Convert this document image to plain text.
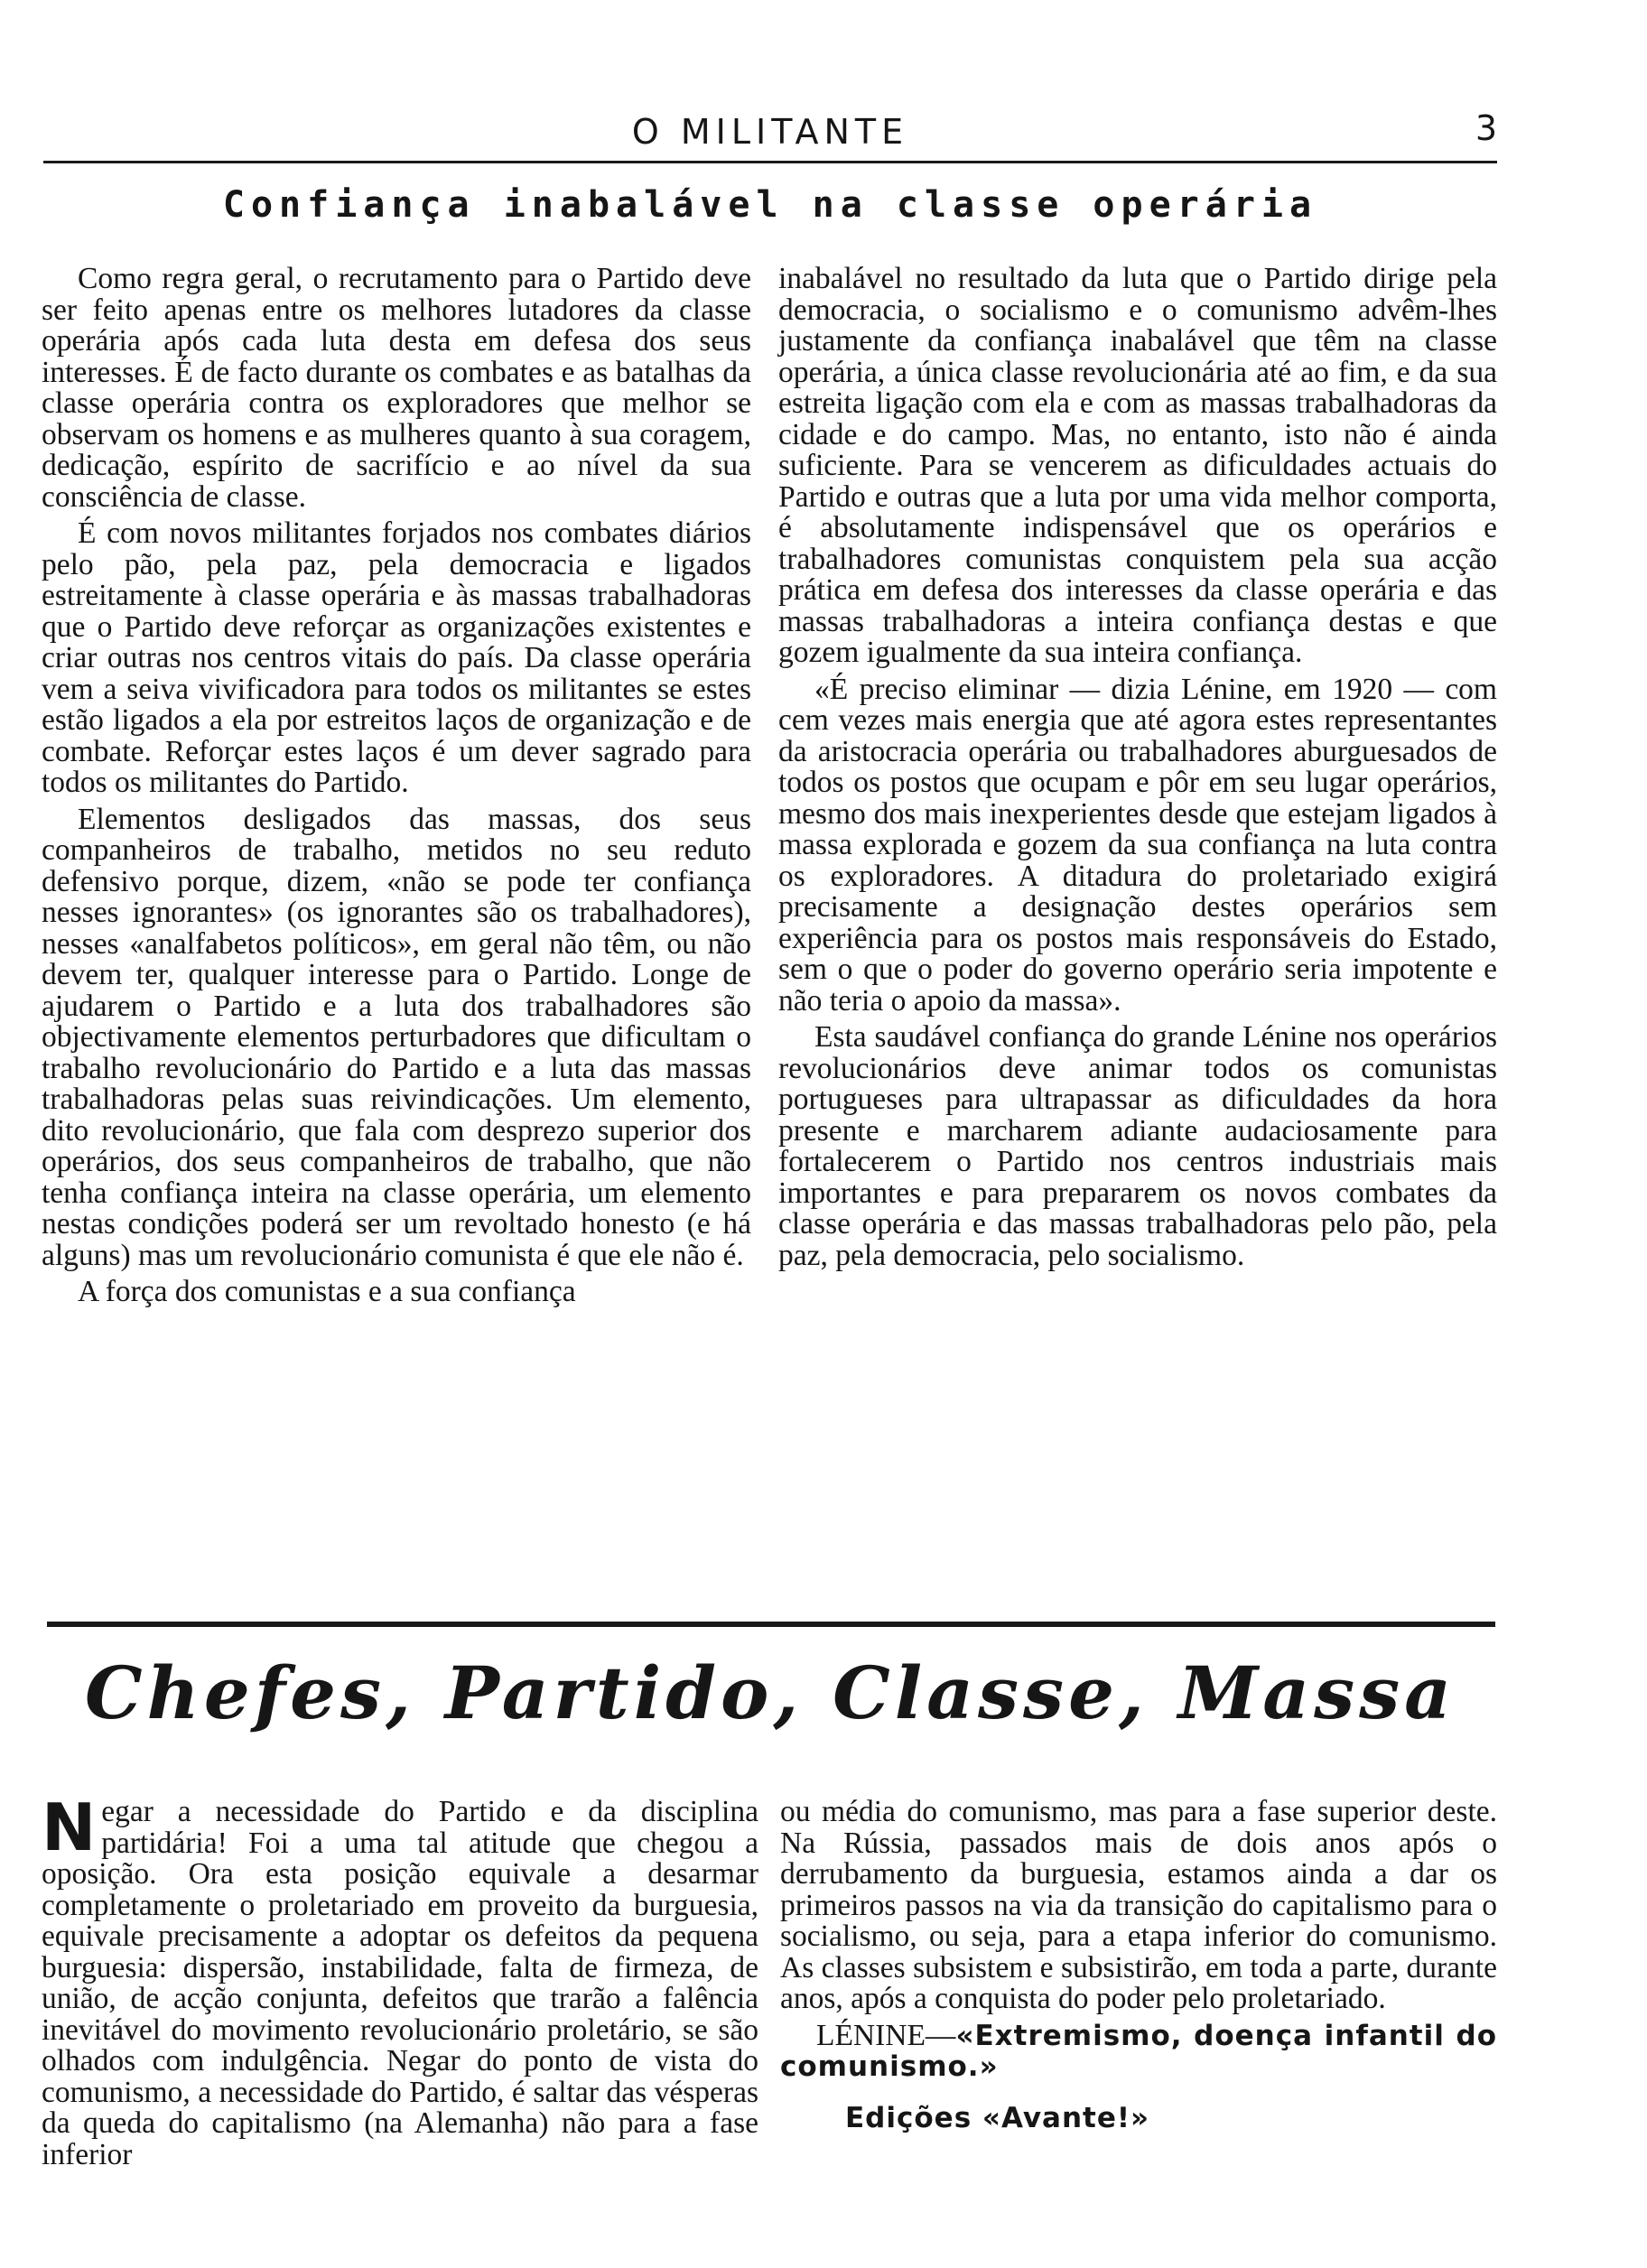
O MILITANTE	3
Confiança inabalável na classe operária

Como regra geral, o recrutamento para o Partido deve ser feito apenas entre os melhores lutadores da classe operária após cada luta desta em defesa dos seus interesses. É de facto durante os combates e as batalhas da classe operária contra os exploradores que melhor se observam os homens e as mulheres quanto à sua coragem, dedicação, espírito de sacrifício e ao nível da sua consciência de classe.

É com novos militantes forjados nos combates diários pelo pão, pela paz, pela democracia e ligados estreitamente à classe operária e às massas trabalhadoras que o Partido deve reforçar as organizações existentes e criar outras nos centros vitais do país. Da classe operária vem a seiva vivificadora para todos os militantes se estes estão ligados a ela por estreitos laços de organização e de combate. Reforçar estes laços é um dever sagrado para todos os militantes do Partido.

Elementos desligados das massas, dos seus companheiros de trabalho, metidos no seu reduto defensivo porque, dizem, «não se pode ter confiança nesses ignorantes» (os ignorantes são os trabalhadores), nesses «analfabetos políticos», em geral não têm, ou não devem ter, qualquer interesse para o Partido. Longe de ajudarem o Partido e a luta dos trabalhadores são objectivamente elementos perturbadores que dificultam o trabalho revolucionário do Partido e a luta das massas trabalhadoras pelas suas reivindicações. Um elemento, dito revolucionário, que fala com desprezo superior dos operários, dos seus companheiros de trabalho, que não tenha confiança inteira na classe operária, um elemento nestas condições poderá ser um revoltado honesto (e há alguns) mas um revolucionário comunista é que ele não é.

A força dos comunistas e a sua confiança

inabalável no resultado da luta que o Partido dirige pela democracia, o socialismo e o comunismo advêm-lhes justamente da confiança inabalável que têm na classe operária, a única classe revolucionária até ao fim, e da sua estreita ligação com ela e com as massas trabalhadoras da cidade e do campo. Mas, no entanto, isto não é ainda suficiente. Para se vencerem as dificuldades actuais do Partido e outras que a luta por uma vida melhor comporta, é absolutamente indispensável que os operários e trabalhadores comunistas conquistem pela sua acção prática em defesa dos interesses da classe operária e das massas trabalhadoras a inteira confiança destas e que gozem igualmente da sua inteira confiança.

«É preciso eliminar — dizia Lénine, em 1920 — com cem vezes mais energia que até agora estes representantes da aristocracia operária ou trabalhadores aburguesados de todos os postos que ocupam e pôr em seu lugar operários, mesmo dos mais inexperientes desde que estejam ligados à massa explorada e gozem da sua confiança na luta contra os exploradores. A ditadura do proletariado exigirá precisamente a designação destes operários sem experiência para os postos mais responsáveis do Estado, sem o que o poder do governo operário seria impotente e não teria o apoio da massa».

Esta saudável confiança do grande Lénine nos operários revolucionários deve animar todos os comunistas portugueses para ultrapassar as dificuldades da hora presente e marcharem adiante audaciosamente para fortalecerem o Partido nos centros industriais mais importantes e para prepararem os novos combates da classe operária e das massas trabalhadoras pelo pão, pela paz, pela democracia, pelo socialismo.

Chefes, Partido, Classe, Massa

Negar a necessidade do Partido e da disciplina partidária! Foi a uma tal atitude que chegou a oposição. Ora esta posição equivale a desarmar completamente o proletariado em proveito da burguesia, equivale precisamente a adoptar os defeitos da pequena burguesia: dispersão, instabilidade, falta de firmeza, de união, de acção conjunta, defeitos que trarão a falência inevitável do movimento revolucionário proletário, se são olhados com indulgência. Negar do ponto de vista do comunismo, a necessidade do Partido, é saltar das vésperas da queda do capitalismo (na Alemanha) não para a fase inferior

ou média do comunismo, mas para a fase superior deste. Na Rússia, passados mais de dois anos após o derrubamento da burguesia, estamos ainda a dar os primeiros passos na via da transição do capitalismo para o socialismo, ou seja, para a etapa inferior do comunismo. As classes subsistem e subsistirão, em toda a parte, durante anos, após a conquista do poder pelo proletariado.

LÉNINE—«Extremismo, doença infantil do comunismo.»

Edições «Avante!»
